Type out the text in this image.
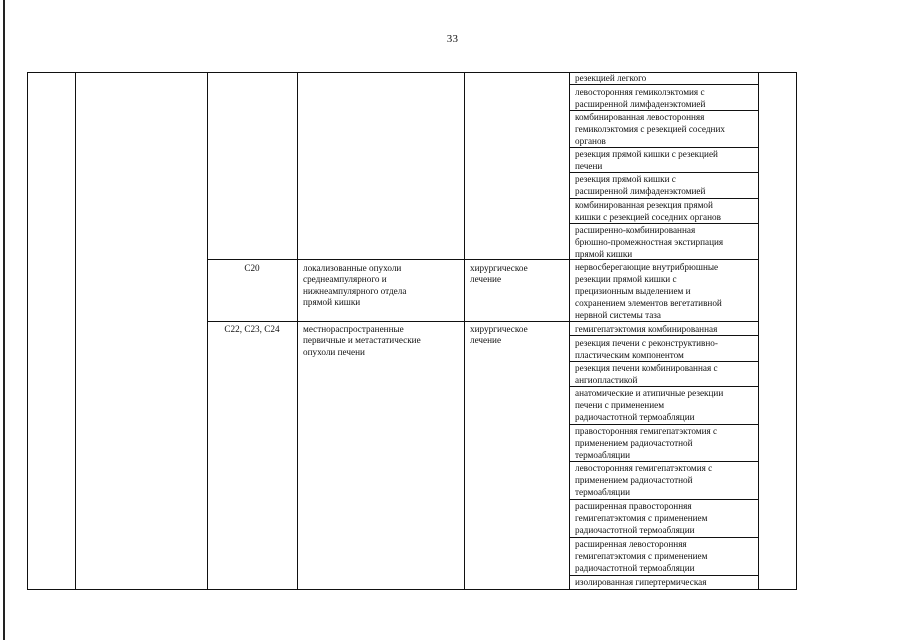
33
резекцией легкого
левосторонняя гемиколэктомия с
расширенной лимфаденэктомией
комбинированная левосторонняя
гемиколэктомия с резекцией соседних
органов
резекция прямой кишки с резекцией
печени
резекция прямой кишки с
расширенной лимфаденэктомией
комбинированная резекция прямой
кишки с резекцией соседних органов
расширенно-комбинированная
брюшно-промежностная экстирпация
прямой кишки
C20	локализованные опухоли
среднеампулярного и
нижнеампулярного отдела
прямой кишки
хирургическое
лечение
нервосберегающие внутрибрюшные
резекции прямой кишки с
прецизионным выделением и
сохранением элементов вегетативной
нервной системы таза
C22, C23, C24	местнораспространенные
первичные и метастатические
опухоли печени
хирургическое
лечение
гемигепатэктомия комбинированная
резекция печени с реконструктивно-
пластическим компонентом
резекция печени комбинированная с
ангиопластикой
анатомические и атипичные резекции
печени с применением
радиочастотной термоабляции
правосторонняя гемигепатэктомия с
применением радиочастотной
термоабляции
левосторонняя гемигепатэктомия с
применением радиочастотной
термоабляции
расширенная правосторонняя
гемигепатэктомия с применением
радиочастотной термоабляции
расширенная левосторонняя
гемигепатэктомия с применением
радиочастотной термоабляции
изолированная гипертермическая
